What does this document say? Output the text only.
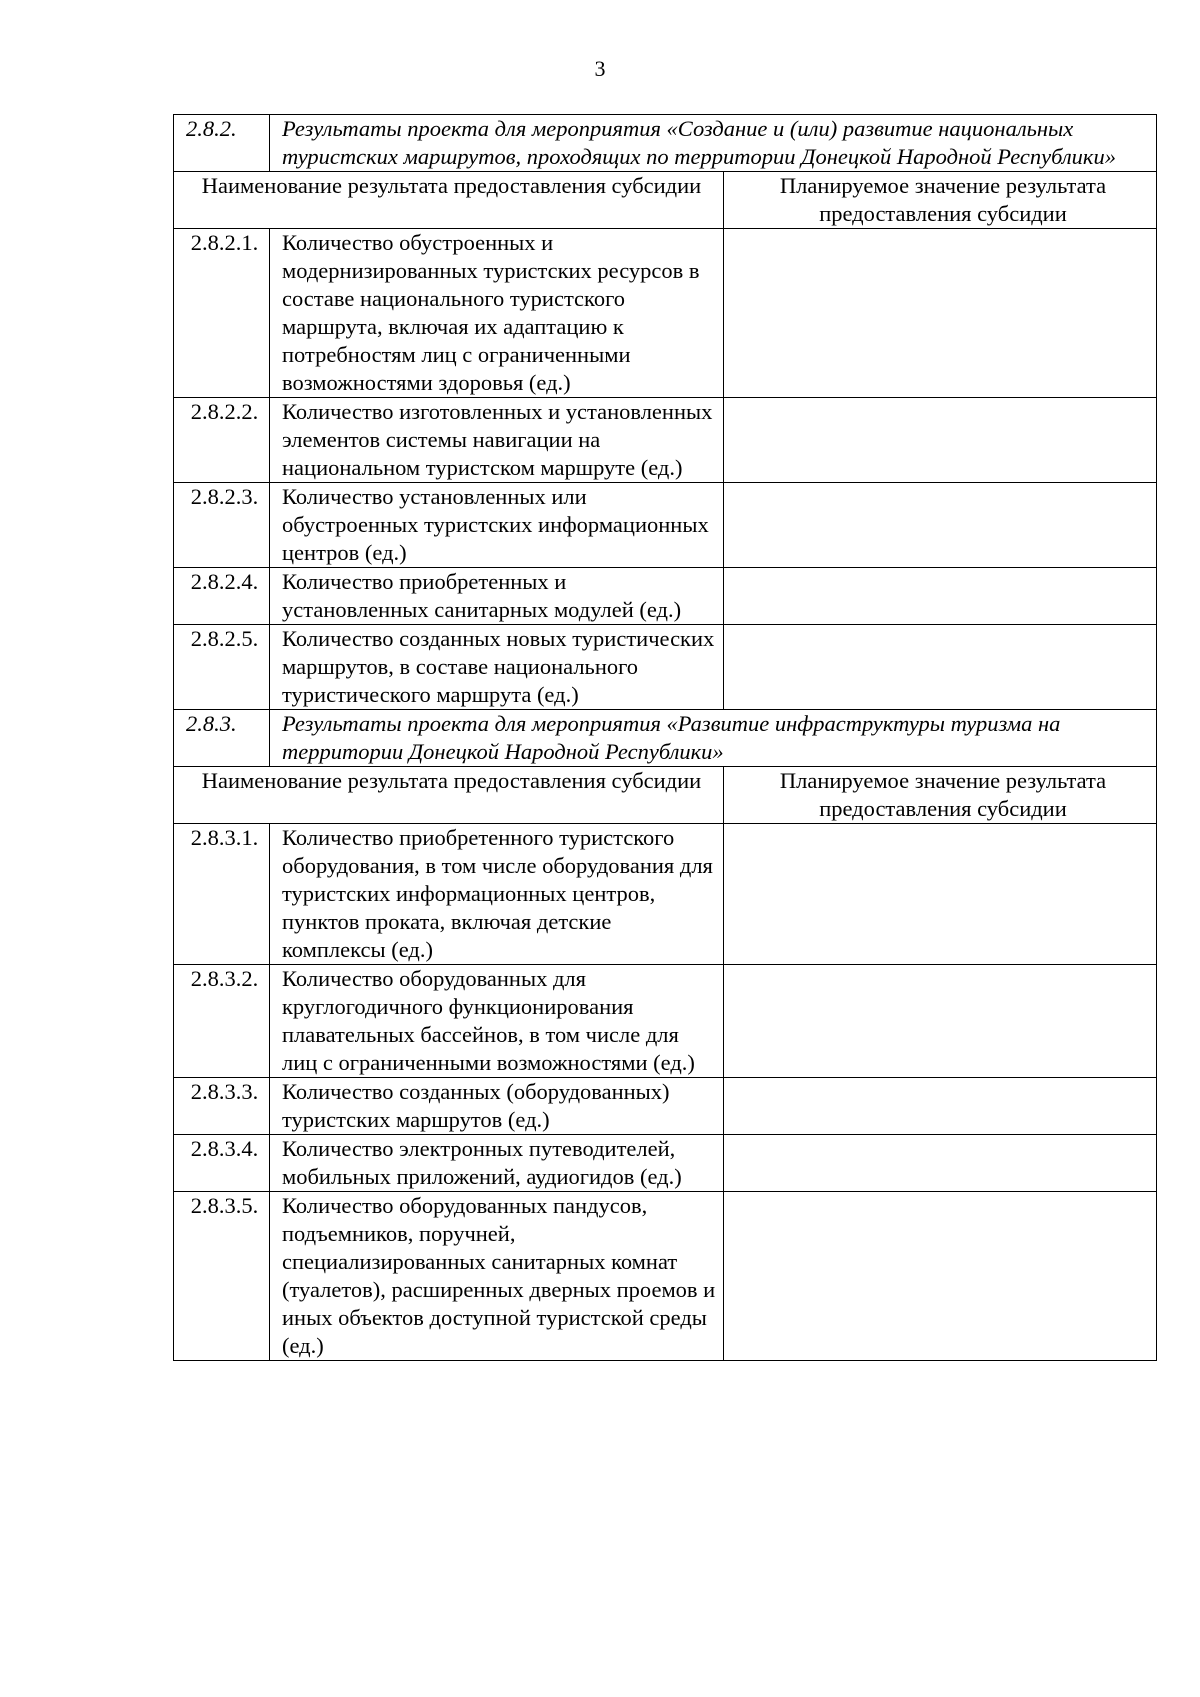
3
2.8.2.	Результаты проекта для мероприятия «Создание и (или) развитие национальных туристских маршрутов, проходящих по территории Донецкой Народной Республики»	
Наименование результата предоставления субсидии		Планируемое значение результата предоставления субсидии
2.8.2.1.	Количество обустроенных и модернизированных туристских ресурсов в составе национального туристского маршрута, включая их адаптацию к потребностям лиц с ограниченными возможностями здоровья (ед.)	
2.8.2.2.	Количество изготовленных и установленных элементов системы навигации на национальном туристском маршруте (ед.)	
2.8.2.3.	Количество установленных или обустроенных туристских информационных центров (ед.)	
2.8.2.4.	Количество приобретенных и установленных санитарных модулей (ед.)	
2.8.2.5.	Количество созданных новых туристических маршрутов, в составе национального туристического маршрута (ед.)	
2.8.3.	Результаты проекта для мероприятия «Развитие инфраструктуры туризма на территории Донецкой Народной Республики»	
Наименование результата предоставления субсидии		Планируемое значение результата предоставления субсидии
2.8.3.1.	Количество приобретенного туристского оборудования, в том числе оборудования для туристских информационных центров, пунктов проката, включая детские комплексы (ед.)	
2.8.3.2.	Количество оборудованных для круглогодичного функционирования плавательных бассейнов, в том числе для лиц с ограниченными возможностями (ед.)	
2.8.3.3.	Количество созданных (оборудованных) туристских маршрутов (ед.)	
2.8.3.4.	Количество электронных путеводителей, мобильных приложений, аудиогидов (ед.)	
2.8.3.5.	Количество оборудованных пандусов, подъемников, поручней, специализированных санитарных комнат (туалетов), расширенных дверных проемов и иных объектов доступной туристской среды (ед.)	
